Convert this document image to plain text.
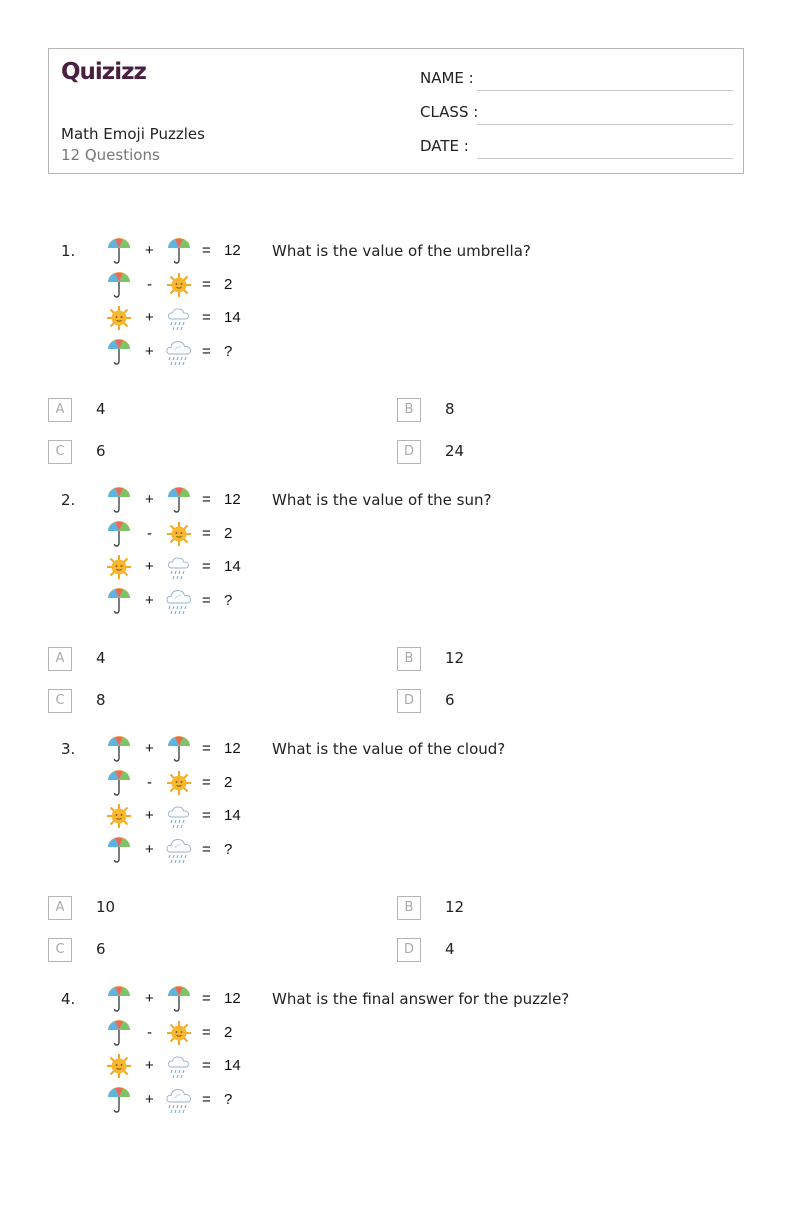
Quizizz
Math Emoji Puzzles
12 Questions
NAME :
CLASS :
DATE :
1.	What is the value of the umbrella?
+	= 12
-	= 2
+	= 14
+	= ?
A	4	B	8
C	6	D	24
2.	What is the value of the sun?
+	= 12
-	= 2
+	= 14
+	= ?
A	4	B	12
C	8	D	6
3.	What is the value of the cloud?
+	= 12
-	= 2
+	= 14
+	= ?
A	10	B	12
C	6	D	4
4.	What is the final answer for the puzzle?
+	= 12
-	= 2
+	= 14
+	= ?
